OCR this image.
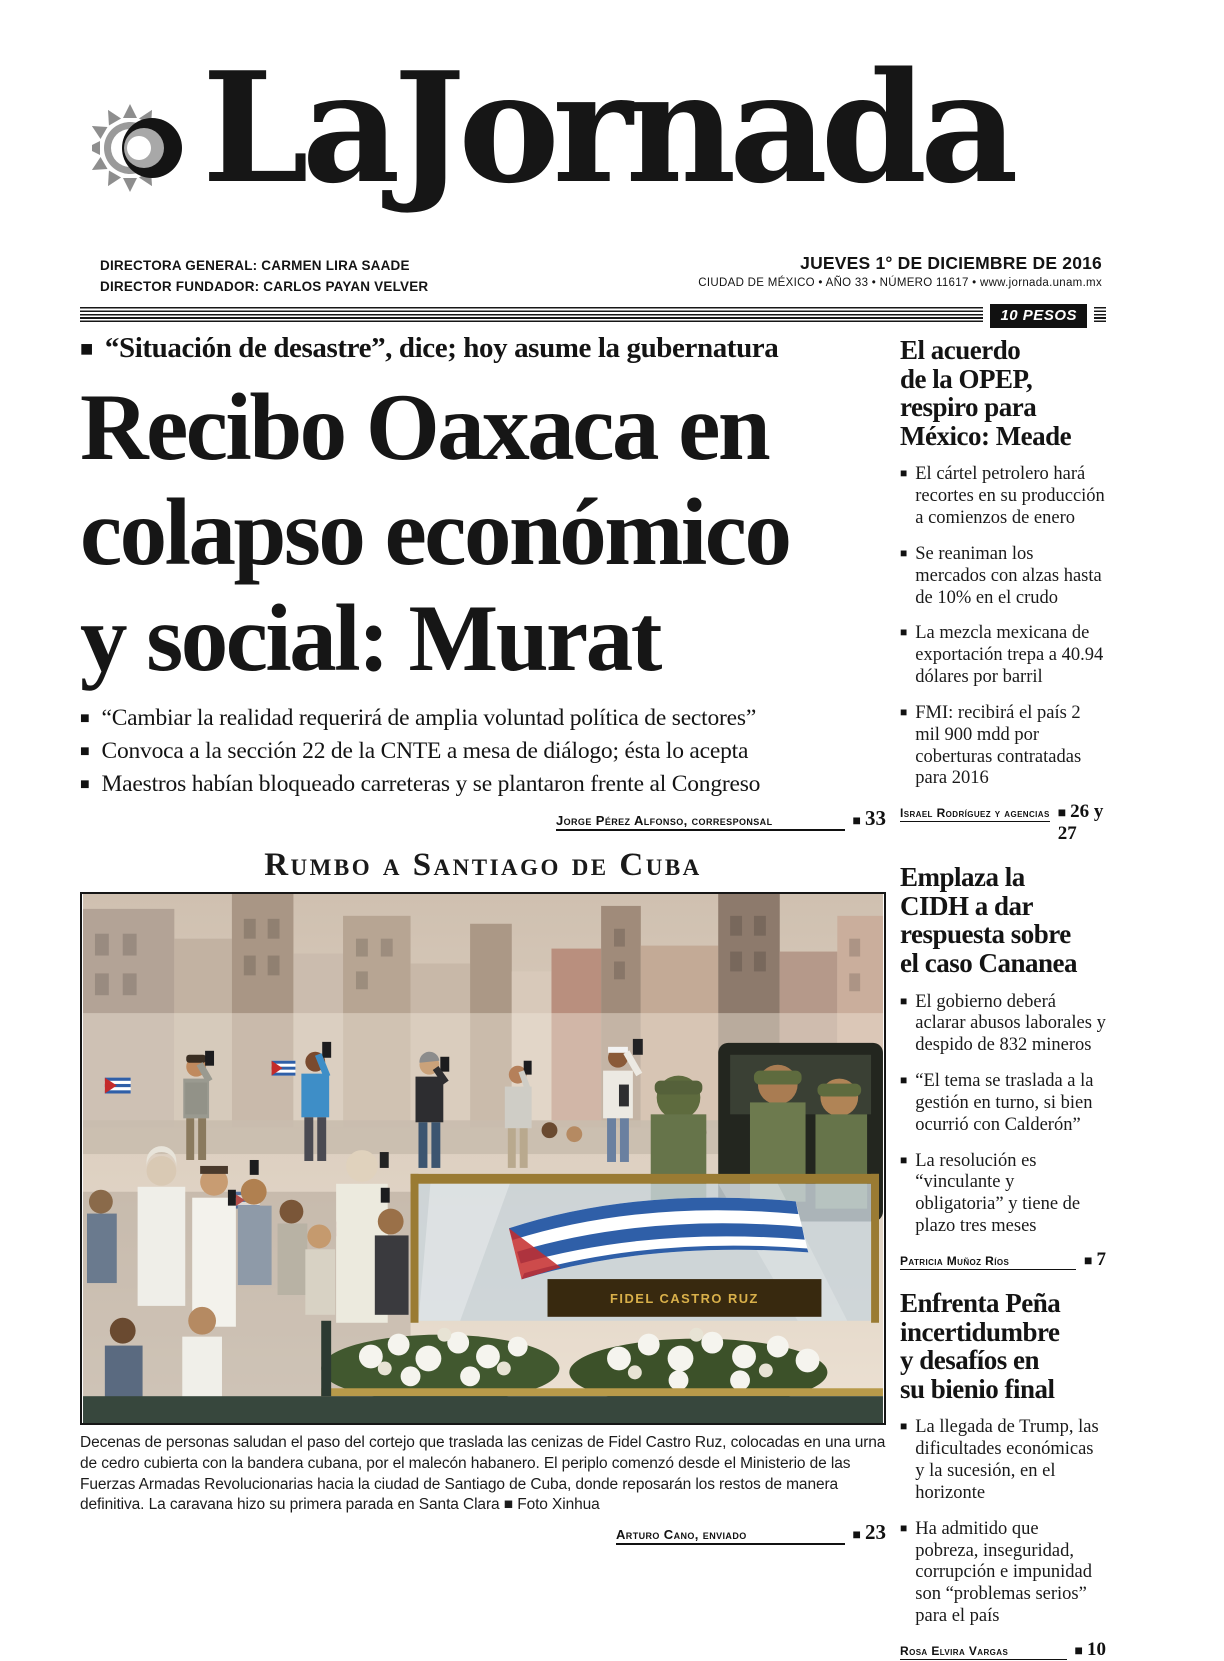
LaJornada
DIRECTORA GENERAL: CARMEN LIRA SAADE
DIRECTOR FUNDADOR: CARLOS PAYAN VELVER
JUEVES 1° DE DICIEMBRE DE 2016
CIUDAD DE MÉXICO • AÑO 33 • NÚMERO 11617 • www.jornada.unam.mx
10 PESOS
■ “Situación de desastre”, dice; hoy asume la gubernatura
Recibo Oaxaca en
colapso económico
y social: Murat
■ “Cambiar la realidad requerirá de amplia voluntad política de sectores”
■ Convoca a la sección 22 de la CNTE a mesa de diálogo; ésta lo acepta
■ Maestros habían bloqueado carreteras y se plantaron frente al Congreso
Jorge Pérez Alfonso, corresponsal	■ 33
Rumbo a Santiago de Cuba
FIDEL CASTRO RUZ
Decenas de personas saludan el paso del cortejo que traslada las cenizas de Fidel Castro Ruz, colocadas en una urna de cedro cubierta con la bandera cubana, por el malecón habanero. El periplo comenzó desde el Ministerio de las Fuerzas Armadas Revolucionarias hacia la ciudad de Santiago de Cuba, donde reposarán los restos de manera definitiva. La caravana hizo su primera parada en Santa Clara ■ Foto Xinhua
Arturo Cano, enviado	■ 23
El acuerdo
de la OPEP,
respiro para
México: Meade
■ El cártel petrolero hará recortes en su producción a comienzos de enero
■ Se reaniman los mercados con alzas hasta de 10% en el crudo
■ La mezcla mexicana de exportación trepa a 40.94 dólares por barril
■ FMI: recibirá el país 2 mil 900 mdd por coberturas contratadas para 2016
Israel Rodríguez y agencias ■ 26 y 27
Emplaza la
CIDH a dar
respuesta sobre
el caso Cananea
■ El gobierno deberá aclarar abusos laborales y despido de 832 mineros
■ “El tema se traslada a la gestión en turno, si bien ocurrió con Calderón”
■ La resolución es “vinculante y obligatoria” y tiene de plazo tres meses
Patricia Muñoz Ríos	■ 7
Enfrenta Peña
incertidumbre
y desafíos en
su bienio final
■ La llegada de Trump, las dificultades económicas y la sucesión, en el horizonte
■ Ha admitido que pobreza, inseguridad, corrupción e impunidad son “problemas serios” para el país
Rosa Elvira Vargas	■ 10
